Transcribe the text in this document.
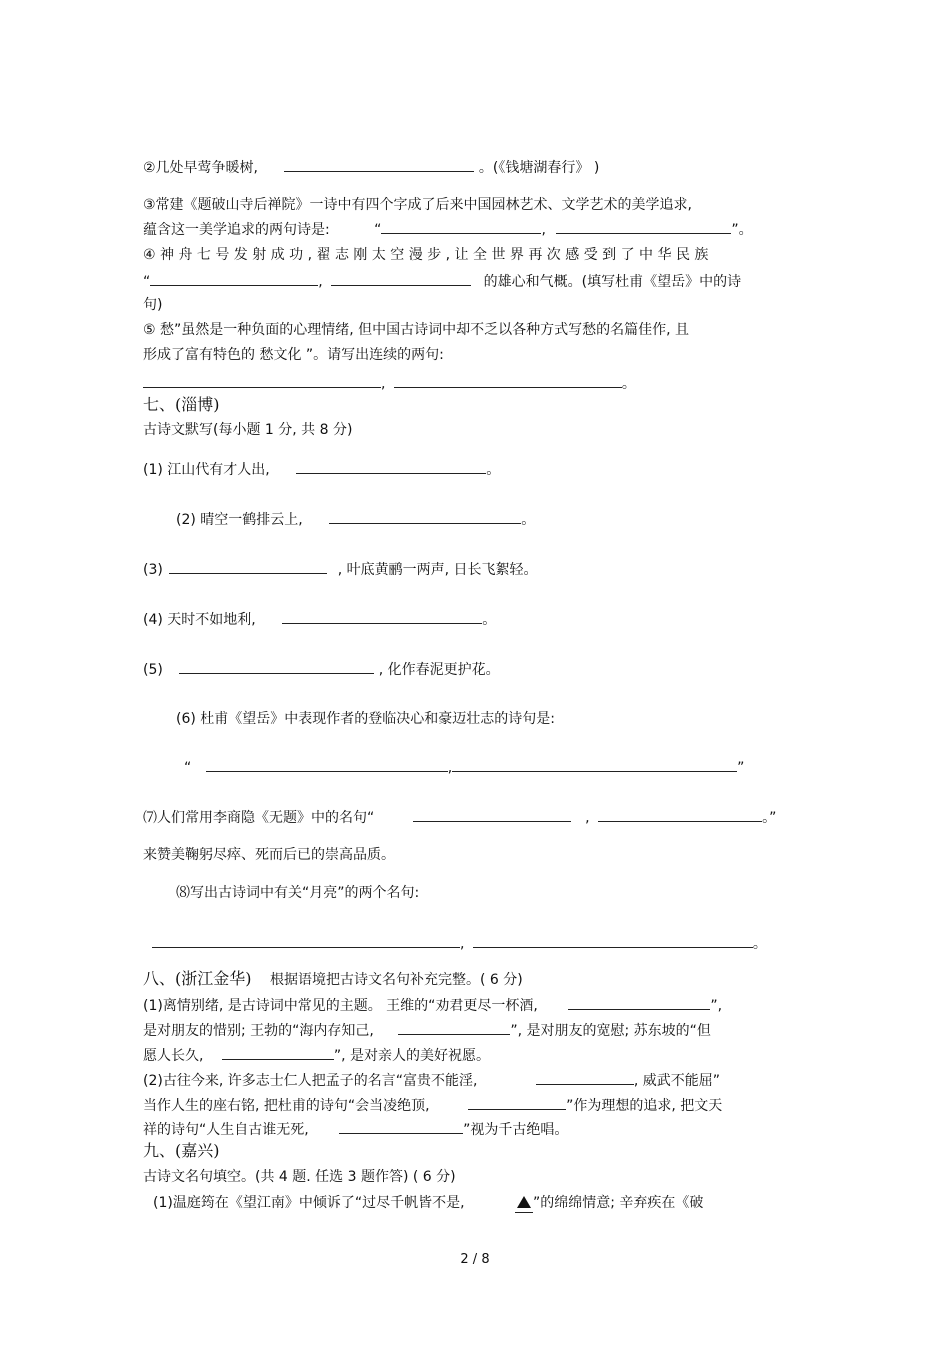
②几处早莺争暖树,	。(《钱塘湖春行》 )
③常建《题破山寺后禅院》一诗中有四个字成了后来中国园林艺术、文学艺术的美学追求,
蕴含这一美学追求的两句诗是:	“	,	”。
④ 神 舟 七 号 发 射 成 功 , 翟 志 刚 太 空 漫 步 , 让 全 世 界 再 次 感 受 到 了 中 华 民 族
“	,	的雄心和气概。(填写杜甫《望岳》中的诗
句)
⑤ 愁”虽然是一种负面的心理情绪, 但中国古诗词中却不乏以各种方式写愁的名篇佳作, 且
形成了富有特色的 愁文化 ”。请写出连续的两句:
,	。
七、(淄博)
古诗文默写(每小题 1 分, 共 8 分)
(1) 江山代有才人出,	。
(2) 晴空一鹤排云上,	。
(3)	, 叶底黄鹂一两声, 日长飞絮轻。
(4) 天时不如地利,	。
(5)	, 化作春泥更护花。
(6) 杜甫《望岳》中表现作者的登临决心和豪迈壮志的诗句是:
“	,	”
⑺人们常用李商隐《无题》中的名句“	,	。”
来赞美鞠躬尽瘁、死而后已的崇高品质。
⑻写出古诗词中有关“月亮”的两个名句:
,	。
八、(浙江金华) 根据语境把古诗文名句补充完整。( 6 分)
(1)离情别绪, 是古诗词中常见的主题。 王维的“劝君更尽一杯酒,	”,
是对朋友的惜别; 王勃的“海内存知己,	”, 是对朋友的宽慰; 苏东坡的“但
愿人长久,	”, 是对亲人的美好祝愿。
(2)古往今来, 许多志士仁人把孟子的名言“富贵不能淫,	, 威武不能屈”
当作人生的座右铭, 把杜甫的诗句“会当凌绝顶,	”作为理想的追求, 把文天
祥的诗句“人生自古谁无死,	”视为千古绝唱。
九、(嘉兴)
古诗文名句填空。(共 4 题. 任选 3 题作答) ( 6 分)
(1)温庭筠在《望江南》中倾诉了“过尽千帆皆不是,	”的绵绵情意; 辛弃疾在《破
2 / 8
